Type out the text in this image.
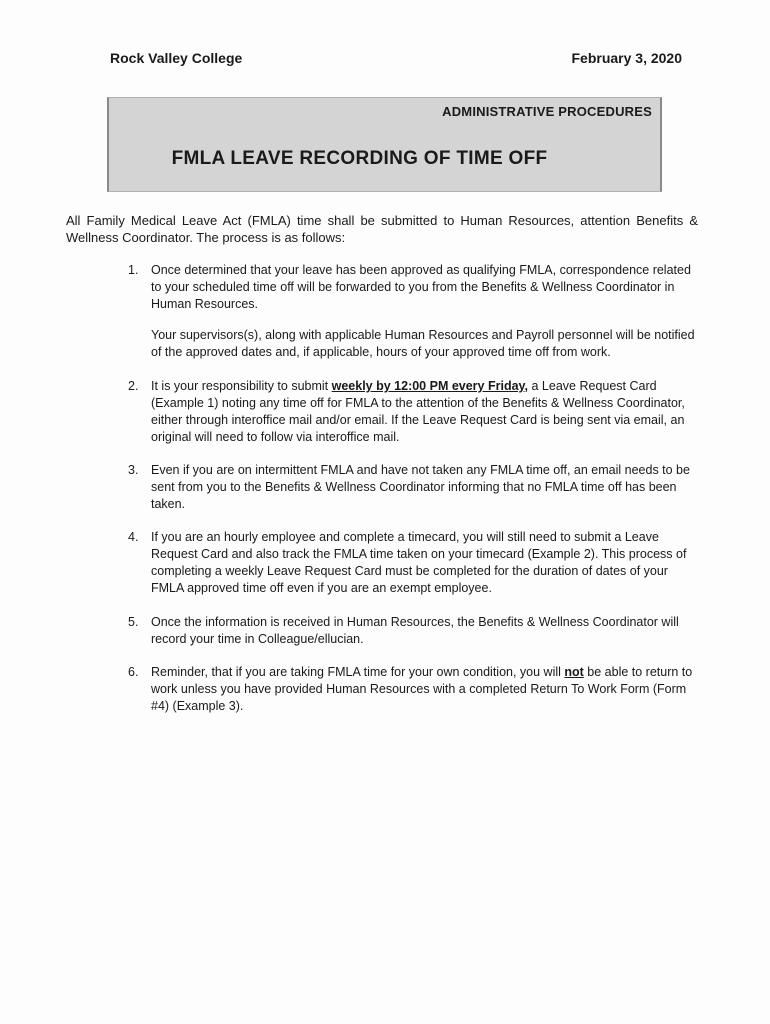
Rock Valley College	February 3, 2020
ADMINISTRATIVE PROCEDURES
FMLA LEAVE RECORDING OF TIME OFF
All Family Medical Leave Act (FMLA) time shall be submitted to Human Resources, attention Benefits & Wellness Coordinator. The process is as follows:
1. Once determined that your leave has been approved as qualifying FMLA, correspondence related to your scheduled time off will be forwarded to you from the Benefits & Wellness Coordinator in Human Resources.

Your supervisors(s), along with applicable Human Resources and Payroll personnel will be notified of the approved dates and, if applicable, hours of your approved time off from work.

2. It is your responsibility to submit weekly by 12:00 PM every Friday, a Leave Request Card (Example 1) noting any time off for FMLA to the attention of the Benefits & Wellness Coordinator, either through interoffice mail and/or email. If the Leave Request Card is being sent via email, an original will need to follow via interoffice mail.

3. Even if you are on intermittent FMLA and have not taken any FMLA time off, an email needs to be sent from you to the Benefits & Wellness Coordinator informing that no FMLA time off has been taken.

4. If you are an hourly employee and complete a timecard, you will still need to submit a Leave Request Card and also track the FMLA time taken on your timecard (Example 2). This process of completing a weekly Leave Request Card must be completed for the duration of dates of your FMLA approved time off even if you are an exempt employee.

5. Once the information is received in Human Resources, the Benefits & Wellness Coordinator will record your time in Colleague/ellucian.

6. Reminder, that if you are taking FMLA time for your own condition, you will not be able to return to work unless you have provided Human Resources with a completed Return To Work Form (Form #4) (Example 3).
